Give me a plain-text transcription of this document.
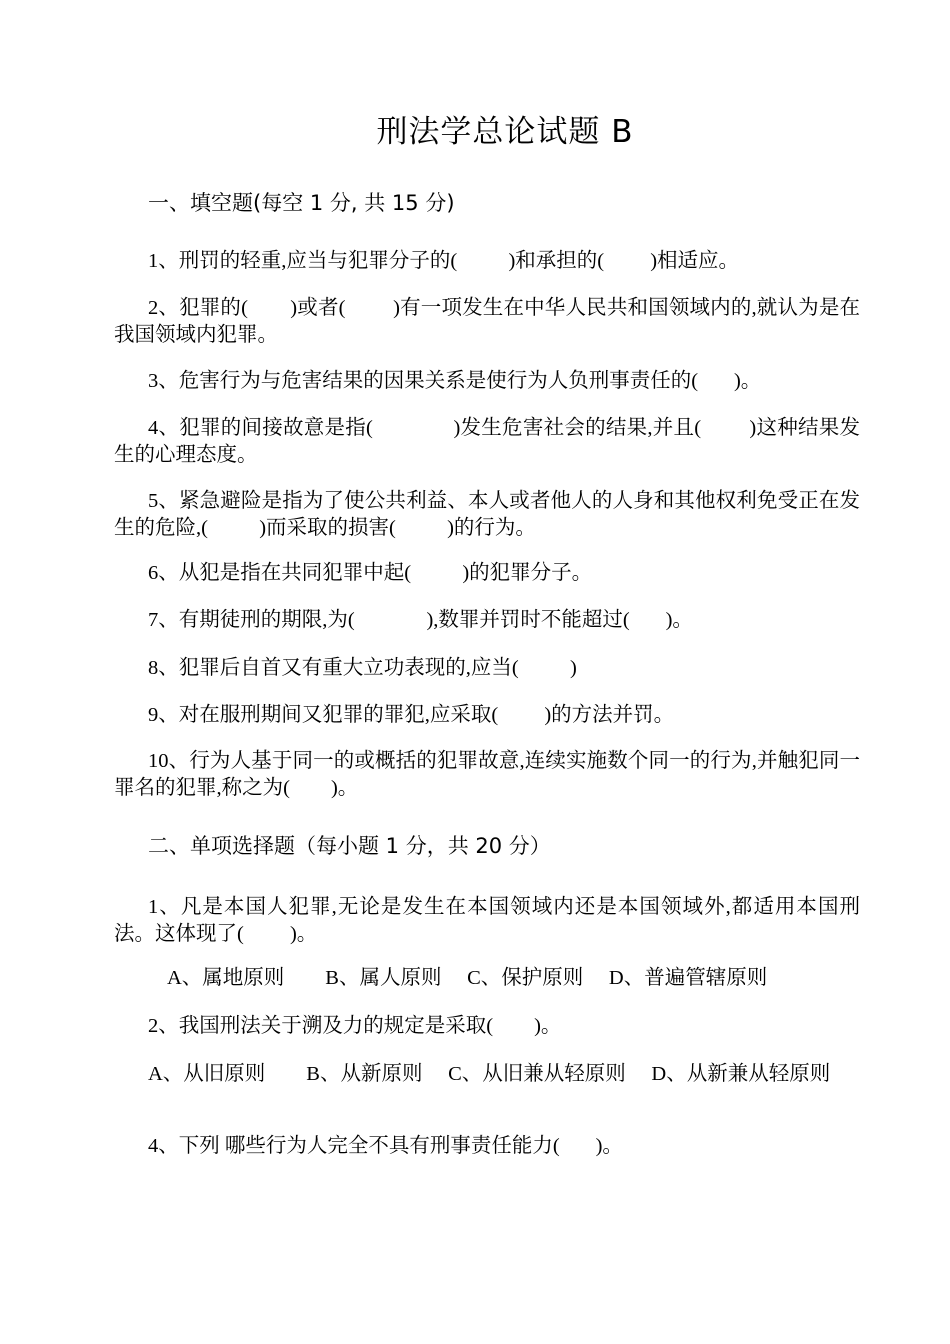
刑法学总论试题 B
一、填空题(每空 1 分, 共 15 分)

1、刑罚的轻重,应当与犯罪分子的(          )和承担的(         )相适应。

2、犯罪的(        )或者(         )有一项发生在中华人民共和国领域内的,就认为是在我国领域内犯罪。

3、危害行为与危害结果的因果关系是使行为人负刑事责任的(       )。

4、犯罪的间接故意是指(               )发生危害社会的结果,并且(         )这种结果发生的心理态度。

5、紧急避险是指为了使公共利益、本人或者他人的人身和其他权利免受正在发生的危险,(          )而采取的损害(          )的行为。

6、从犯是指在共同犯罪中起(          )的犯罪分子。

7、有期徒刑的期限,为(              ),数罪并罚时不能超过(       )。

8、犯罪后自首又有重大立功表现的,应当(          )

9、对在服刑期间又犯罪的罪犯,应采取(         )的方法并罚。

10、行为人基于同一的或概括的犯罪故意,连续实施数个同一的行为,并触犯同一罪名的犯罪,称之为(        )。

二、单项选择题（每小题 1 分，共 20 分）

1、凡是本国人犯罪,无论是发生在本国领域内还是本国领域外,都适用本国刑法。这体现了(         )。

A、属地原则        B、属人原则     C、保护原则     D、普遍管辖原则

2、我国刑法关于溯及力的规定是采取(        )。

A、从旧原则        B、从新原则     C、从旧兼从轻原则     D、从新兼从轻原则

4、下列 哪些行为人完全不具有刑事责任能力(       )。
